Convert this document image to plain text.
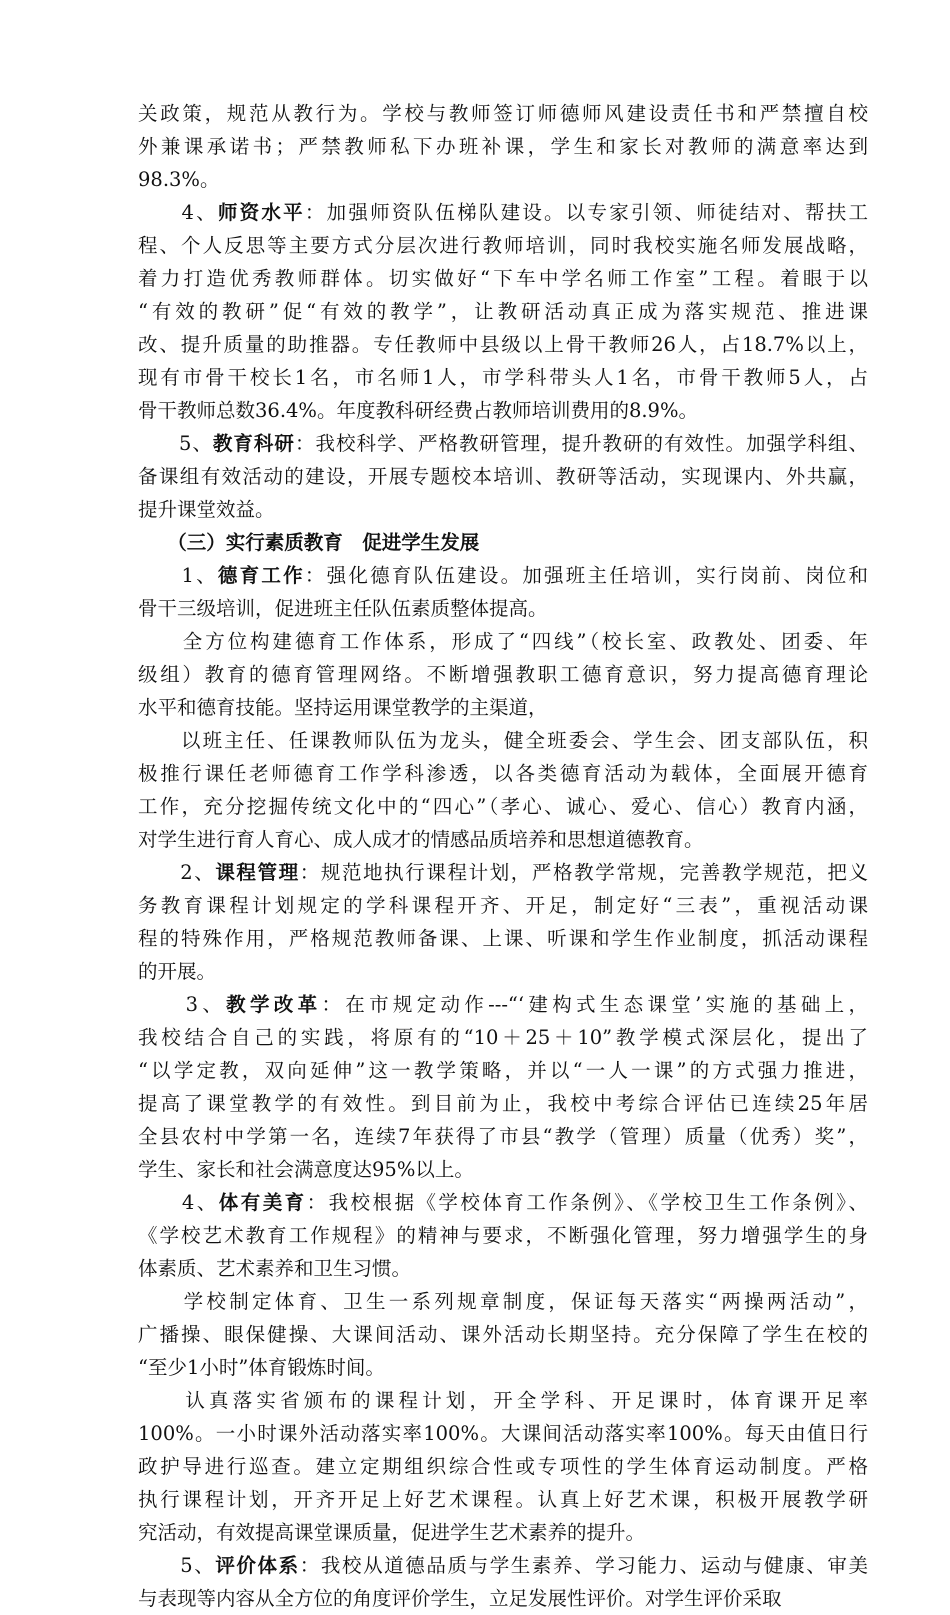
关政策，规范从教行为。学校与教师签订师德师风建设责任书和严禁擅自校
外兼课承诺书；严禁教师私下办班补课，学生和家长对教师的满意率达到
98.3%。
　　4、师资水平：加强师资队伍梯队建设。以专家引领、师徒结对、帮扶工
程、个人反思等主要方式分层次进行教师培训，同时我校实施名师发展战略，
着力打造优秀教师群体。切实做好“下车中学名师工作室”工程。着眼于以
“有效的教研”促“有效的教学”，让教研活动真正成为落实规范、推进课
改、提升质量的助推器。专任教师中县级以上骨干教师26人，占18.7%以上，
现有市骨干校长1名，市名师1人，市学科带头人1名，市骨干教师5人，占
骨干教师总数36.4%。年度教科研经费占教师培训费用的8.9%。
　　5、教育科研：我校科学、严格教研管理，提升教研的有效性。加强学科组、
备课组有效活动的建设，开展专题校本培训、教研等活动，实现课内、外共赢，
提升课堂效益。
　　（三）实行素质教育　促进学生发展
　　1、德育工作：强化德育队伍建设。加强班主任培训，实行岗前、岗位和
骨干三级培训，促进班主任队伍素质整体提高。
　　全方位构建德育工作体系，形成了“四线”（校长室、政教处、团委、年
级组）教育的德育管理网络。不断增强教职工德育意识，努力提高德育理论
水平和德育技能。坚持运用课堂教学的主渠道，
　　以班主任、任课教师队伍为龙头，健全班委会、学生会、团支部队伍，积
极推行课任老师德育工作学科渗透，以各类德育活动为载体，全面展开德育
工作，充分挖掘传统文化中的“四心”（孝心、诚心、爱心、信心）教育内涵，
对学生进行育人育心、成人成才的情感品质培养和思想道德教育。
　　2、课程管理：规范地执行课程计划，严格教学常规，完善教学规范，把义
务教育课程计划规定的学科课程开齐、开足，制定好“三表”，重视活动课
程的特殊作用，严格规范教师备课、上课、听课和学生作业制度，抓活动课程
的开展。
　　3、教学改革：在市规定动作---“‘建构式生态课堂’实施的基础上，
我校结合自己的实践，将原有的“10＋25＋10”教学模式深层化，提出了
“以学定教，双向延伸”这一教学策略，并以“一人一课”的方式强力推进，
提高了课堂教学的有效性。到目前为止，我校中考综合评估已连续25年居
全县农村中学第一名，连续7年获得了市县“教学（管理）质量（优秀）奖”，
学生、家长和社会满意度达95%以上。
　　4、体有美育：我校根据《学校体育工作条例》、《学校卫生工作条例》、
《学校艺术教育工作规程》的精神与要求，不断强化管理，努力增强学生的身
体素质、艺术素养和卫生习惯。
　　学校制定体育、卫生一系列规章制度，保证每天落实“两操两活动”，
广播操、眼保健操、大课间活动、课外活动长期坚持。充分保障了学生在校的
“至少1小时”体育锻炼时间。
　　认真落实省颁布的课程计划，开全学科、开足课时，体育课开足率
100%。一小时课外活动落实率100%。大课间活动落实率100%。每天由值日行
政护导进行巡查。建立定期组织综合性或专项性的学生体育运动制度。严格
执行课程计划，开齐开足上好艺术课程。认真上好艺术课，积极开展教学研
究活动，有效提高课堂课质量，促进学生艺术素养的提升。
　　5、评价体系：我校从道德品质与学生素养、学习能力、运动与健康、审美
与表现等内容从全方位的角度评价学生，立足发展性评价。对学生评价采取
